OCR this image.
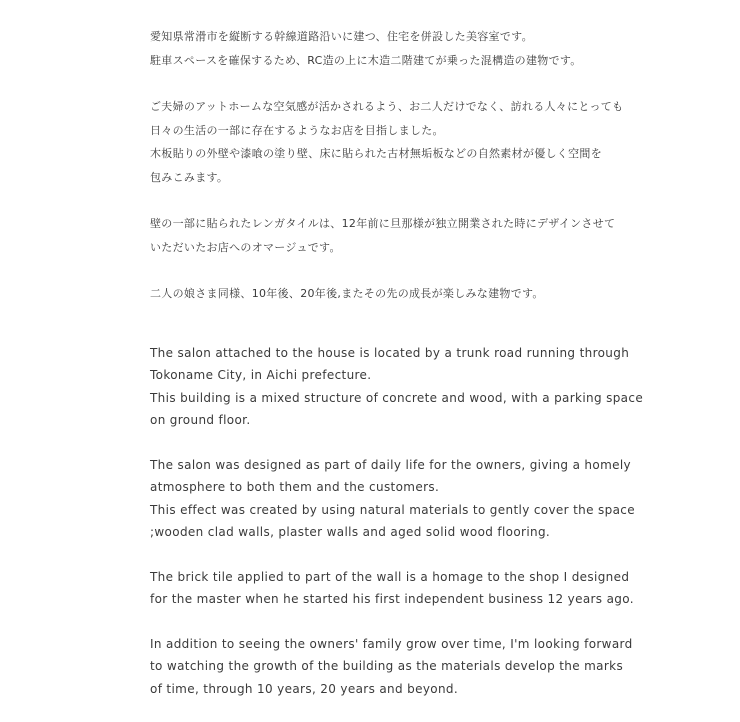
愛知県常滑市を縦断する幹線道路沿いに建つ、住宅を併設した美容室です。
駐車スペースを確保するため、RC造の上に木造二階建てが乗った混構造の建物です。

ご夫婦のアットホームな空気感が活かされるよう、お二人だけでなく、訪れる人々にとっても
日々の生活の一部に存在するようなお店を目指しました。
木板貼りの外壁や漆喰の塗り壁、床に貼られた古材無垢板などの自然素材が優しく空間を
包みこみます。

壁の一部に貼られたレンガタイルは、12年前に旦那様が独立開業された時にデザインさせて
いただいたお店へのオマージュです。

二人の娘さま同様、10年後、20年後,またその先の成長が楽しみな建物です。

The salon attached to the house is located by a trunk road running through
Tokoname City, in Aichi prefecture.
This building is a mixed structure of concrete and wood, with a parking space
on ground floor.

The salon was designed as part of daily life for the owners, giving a homely
atmosphere to both them and the customers.
This effect was created by using natural materials to gently cover the space
;wooden clad walls, plaster walls and aged solid wood flooring.

The brick tile applied to part of the wall is a homage to the shop I designed
for the master when he started his first independent business 12 years ago.

In addition to seeing the owners' family grow over time, I'm looking forward
to watching the growth of the building as the materials develop the marks
of time, through 10 years, 20 years and beyond.
